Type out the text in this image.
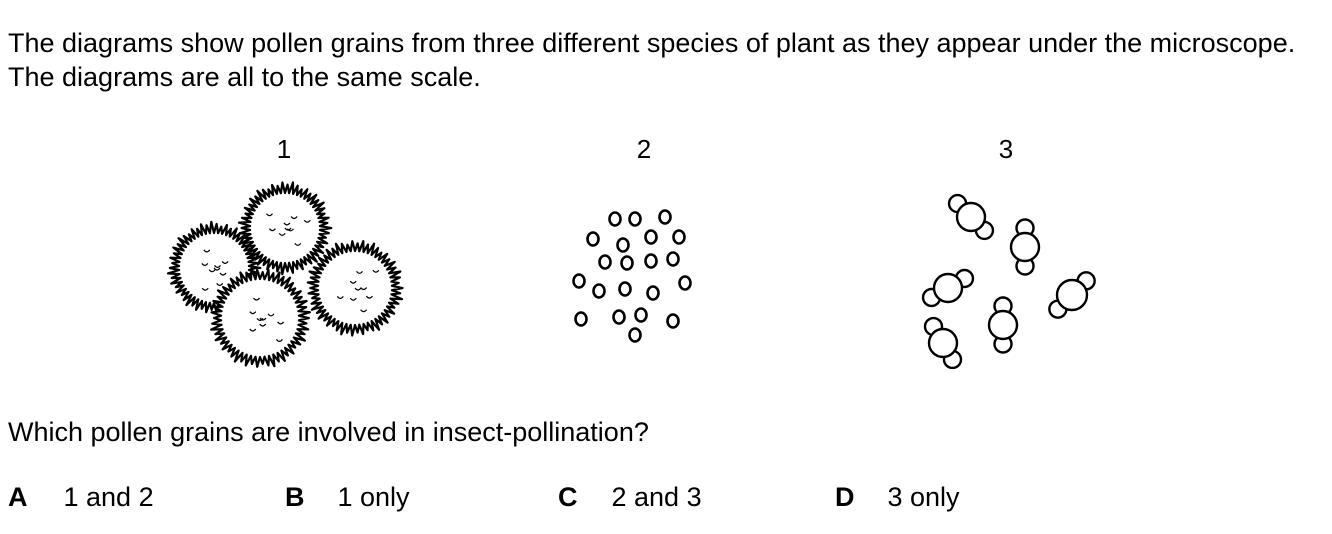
The diagrams show pollen grains from three different species of plant as they appear under the microscope. The diagrams are all to the same scale.

1	2	3

Which pollen grains are involved in insect-pollination?

A 1 and 2	B 1 only	C 2 and 3	D 3 only
